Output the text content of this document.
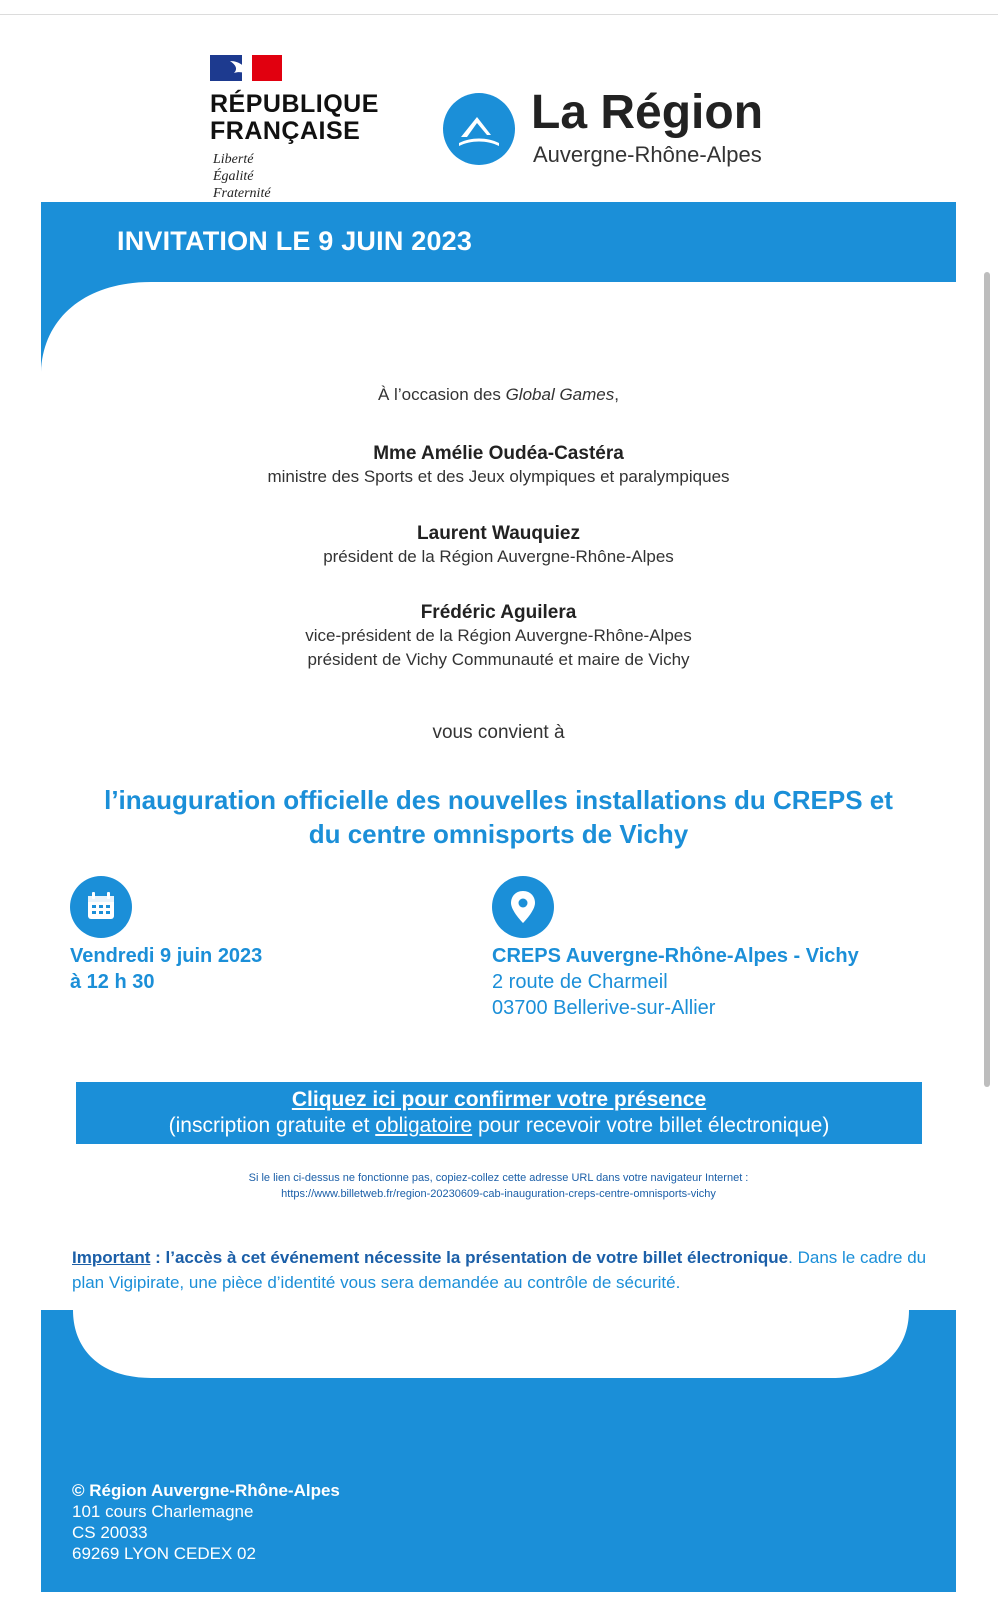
RÉPUBLIQUE
FRANÇAISE
Liberté
Égalité
Fraternité
La Région
Auvergne-Rhône-Alpes
INVITATION LE 9 JUIN 2023
À l’occasion des Global Games,
Mme Amélie Oudéa-Castéra
ministre des Sports et des Jeux olympiques et paralympiques
Laurent Wauquiez
président de la Région Auvergne-Rhône-Alpes
Frédéric Aguilera
vice-président de la Région Auvergne-Rhône-Alpes
président de Vichy Communauté et maire de Vichy
vous convient à
l’inauguration officielle des nouvelles installations du CREPS et
du centre omnisports de Vichy
Vendredi 9 juin 2023
à 12 h 30
CREPS Auvergne-Rhône-Alpes - Vichy
2 route de Charmeil
03700 Bellerive-sur-Allier
Cliquez ici pour confirmer votre présence
(inscription gratuite et obligatoire pour recevoir votre billet électronique)
Si le lien ci-dessus ne fonctionne pas, copiez-collez cette adresse URL dans votre navigateur Internet :
https://www.billetweb.fr/region-20230609-cab-inauguration-creps-centre-omnisports-vichy
Important : l’accès à cet événement nécessite la présentation de votre billet électronique. Dans le cadre du plan Vigipirate, une pièce d’identité vous sera demandée au contrôle de sécurité.
© Région Auvergne-Rhône-Alpes
101 cours Charlemagne
CS 20033
69269 LYON CEDEX 02
